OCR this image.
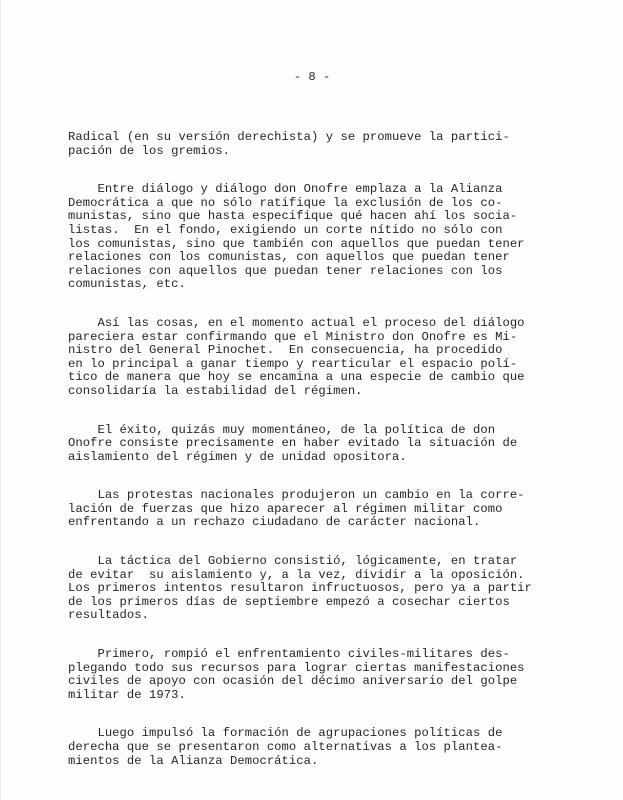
- 8 -

Radical (en su versión derechista) y se promueve la partici-
pación de los gremios.

Entre diálogo y diálogo don Onofre emplaza a la Alianza
Democrática a que no sólo ratifique la exclusión de los co-
munistas, sino que hasta especifique qué hacen ahí los socia-
listas.  En el fondo, exigiendo un corte nítido no sólo con
los comunistas, sino que también con aquellos que puedan tener
relaciones con los comunistas, con aquellos que puedan tener
relaciones con aquellos que puedan tener relaciones con los
comunistas, etc.

Así las cosas, en el momento actual el proceso del diálogo
pareciera estar confirmando que el Ministro don Onofre es Mi-
nistro del General Pinochet.  En consecuencia, ha procedido
en lo principal a ganar tiempo y rearticular el espacio polí-
tico de manera que hoy se encamina a una especie de cambio que
consolidaría la estabilidad del régimen.

El éxito, quizás muy momentáneo, de la política de don
Onofre consiste precisamente en haber evitado la situación de
aislamiento del régimen y de unidad opositora.

Las protestas nacionales produjeron un cambio en la corre-
lación de fuerzas que hizo aparecer al régimen militar como
enfrentando a un rechazo ciudadano de carácter nacional.

La táctica del Gobierno consistió, lógicamente, en tratar
de evitar  su aislamiento y, a la vez, dividir a la oposición.
Los primeros intentos resultaron infructuosos, pero ya a partir
de los primeros días de septiembre empezó a cosechar ciertos
resultados.

Primero, rompió el enfrentamiento civiles-militares des-
plegando todo sus recursos para lograr ciertas manifestaciones
civiles de apoyo con ocasión del décimo aniversario del golpe
militar de 1973.

Luego impulsó la formación de agrupaciones políticas de
derecha que se presentaron como alternativas a los plantea-
mientos de la Alianza Democrática.
